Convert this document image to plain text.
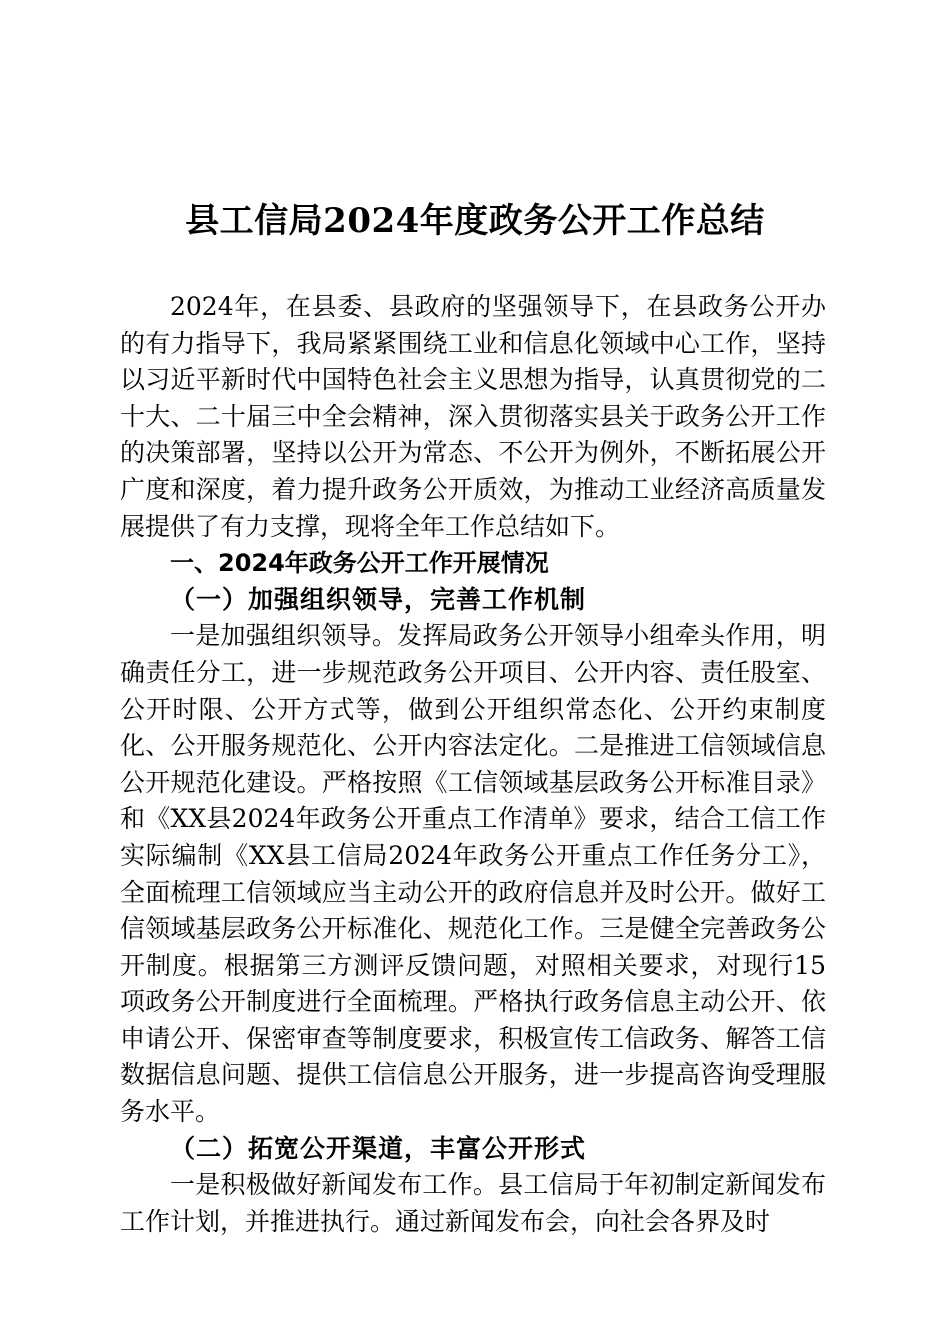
县工信局2024年度政务公开工作总结

2024年，在县委、县政府的坚强领导下，在县政务公开办的有力指导下，我局紧紧围绕工业和信息化领域中心工作，坚持以习近平新时代中国特色社会主义思想为指导，认真贯彻党的二十大、二十届三中全会精神，深入贯彻落实县关于政务公开工作的决策部署，坚持以公开为常态、不公开为例外，不断拓展公开广度和深度，着力提升政务公开质效，为推动工业经济高质量发展提供了有力支撑，现将全年工作总结如下。

一、2024年政务公开工作开展情况

（一）加强组织领导，完善工作机制

一是加强组织领导。发挥局政务公开领导小组牵头作用，明确责任分工，进一步规范政务公开项目、公开内容、责任股室、公开时限、公开方式等，做到公开组织常态化、公开约束制度化、公开服务规范化、公开内容法定化。二是推进工信领域信息公开规范化建设。严格按照《工信领域基层政务公开标准目录》和《XX县2024年政务公开重点工作清单》要求，结合工信工作实际编制《XX县工信局2024年政务公开重点工作任务分工》，全面梳理工信领域应当主动公开的政府信息并及时公开。做好工信领域基层政务公开标准化、规范化工作。三是健全完善政务公开制度。根据第三方测评反馈问题，对照相关要求，对现行15项政务公开制度进行全面梳理。严格执行政务信息主动公开、依申请公开、保密审查等制度要求，积极宣传工信政务、解答工信数据信息问题、提供工信信息公开服务，进一步提高咨询受理服务水平。

（二）拓宽公开渠道，丰富公开形式

一是积极做好新闻发布工作。县工信局于年初制定新闻发布工作计划，并推进执行。通过新闻发布会，向社会各界及时
